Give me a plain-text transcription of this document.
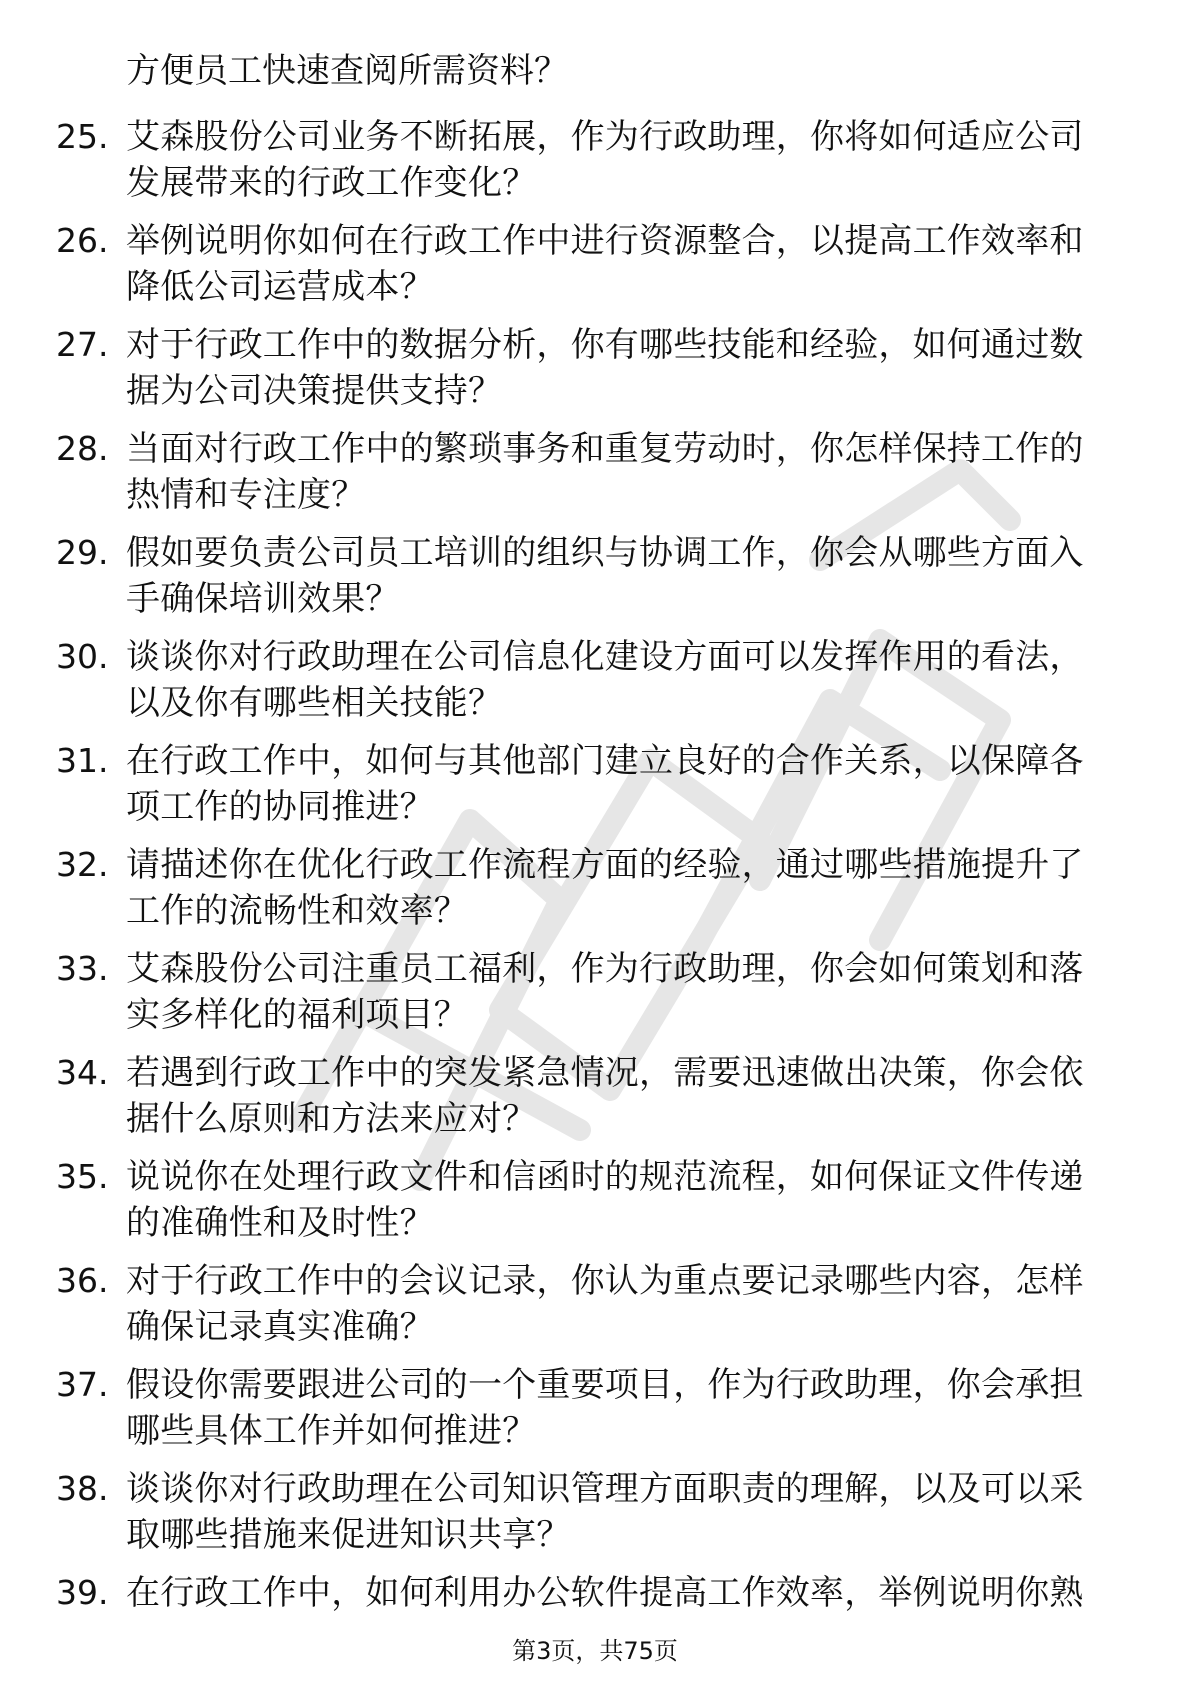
方便员工快速查阅所需资料？
25. 艾森股份公司业务不断拓展，作为行政助理，你将如何适应公司
发展带来的行政工作变化？
26. 举例说明你如何在行政工作中进行资源整合，以提高工作效率和
降低公司运营成本？
27. 对于行政工作中的数据分析，你有哪些技能和经验，如何通过数
据为公司决策提供支持？
28. 当面对行政工作中的繁琐事务和重复劳动时，你怎样保持工作的
热情和专注度？
29. 假如要负责公司员工培训的组织与协调工作，你会从哪些方面入
手确保培训效果？
30. 谈谈你对行政助理在公司信息化建设方面可以发挥作用的看法，
以及你有哪些相关技能？
31. 在行政工作中，如何与其他部门建立良好的合作关系，以保障各
项工作的协同推进？
32. 请描述你在优化行政工作流程方面的经验，通过哪些措施提升了
工作的流畅性和效率？
33. 艾森股份公司注重员工福利，作为行政助理，你会如何策划和落
实多样化的福利项目？
34. 若遇到行政工作中的突发紧急情况，需要迅速做出决策，你会依
据什么原则和方法来应对？
35. 说说你在处理行政文件和信函时的规范流程，如何保证文件传递
的准确性和及时性？
36. 对于行政工作中的会议记录，你认为重点要记录哪些内容，怎样
确保记录真实准确？
37. 假设你需要跟进公司的一个重要项目，作为行政助理，你会承担
哪些具体工作并如何推进？
38. 谈谈你对行政助理在公司知识管理方面职责的理解，以及可以采
取哪些措施来促进知识共享？
39. 在行政工作中，如何利用办公软件提高工作效率，举例说明你熟
第3页，共75页
